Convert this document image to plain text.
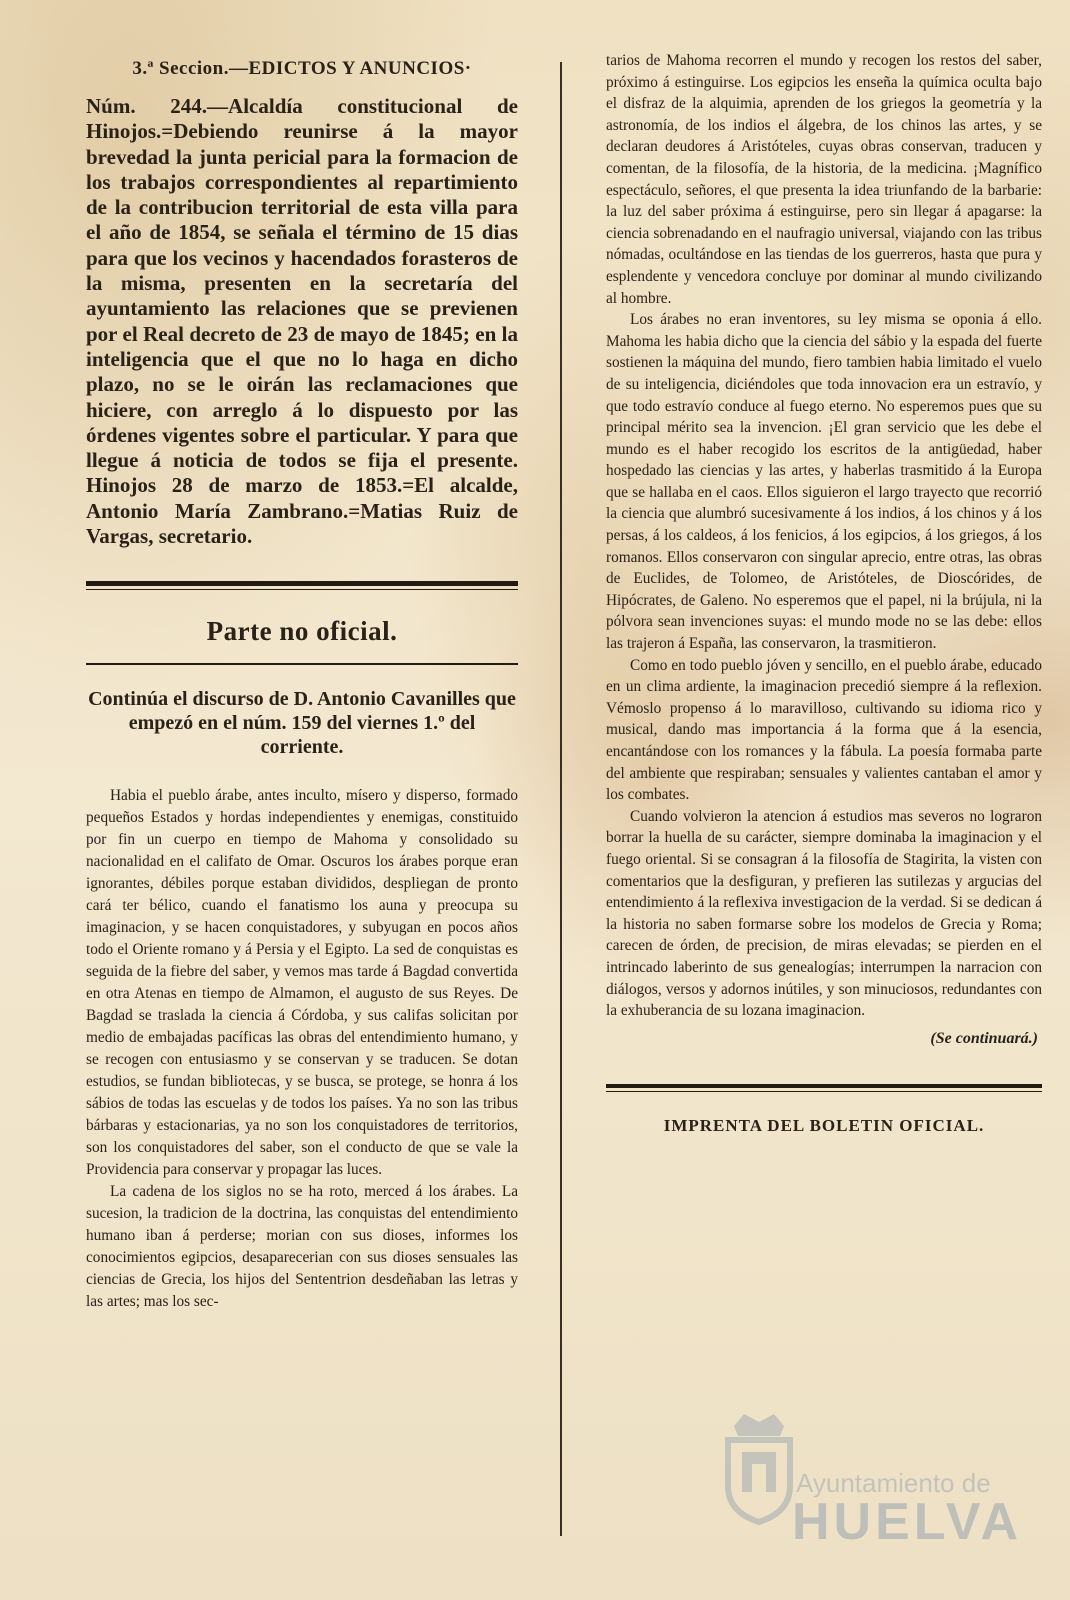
3.ª Seccion.—EDICTOS Y ANUNCIOS·

Núm. 244.—Alcaldía constitucional de Hinojos.=Debiendo reunirse á la mayor brevedad la junta pericial para la formacion de los trabajos correspondientes al repartimiento de la contribucion territorial de esta villa para el año de 1854, se señala el término de 15 dias para que los vecinos y hacendados forasteros de la misma, presenten en la secretaría del ayuntamiento las relaciones que se previenen por el Real decreto de 23 de mayo de 1845; en la inteligencia que el que no lo haga en dicho plazo, no se le oirán las reclamaciones que hiciere, con arreglo á lo dispuesto por las órdenes vigentes sobre el particular. Y para que llegue á noticia de todos se fija el presente. Hinojos 28 de marzo de 1853.=El alcalde, Antonio María Zambrano.=Matias Ruiz de Vargas, secretario.

Parte no oficial.
Continúa el discurso de D. Antonio Cavanilles que empezó en el núm. 159 del viernes 1.º del corriente.

Habia el pueblo árabe, antes inculto, mísero y disperso, formado pequeños Estados y hordas independientes y enemigas, constituido por fin un cuerpo en tiempo de Mahoma y consolidado su nacionalidad en el califato de Omar. Oscuros los árabes porque eran ignorantes, débiles porque estaban divididos, despliegan de pronto cará ter bélico, cuando el fanatismo los auna y preocupa su imaginacion, y se hacen conquistadores, y subyugan en pocos años todo el Oriente romano y á Persia y el Egipto. La sed de conquistas es seguida de la fiebre del saber, y vemos mas tarde á Bagdad convertida en otra Atenas en tiempo de Almamon, el augusto de sus Reyes. De Bagdad se traslada la ciencia á Córdoba, y sus califas solicitan por medio de embajadas pacíficas las obras del entendimiento humano, y se recogen con entusiasmo y se conservan y se traducen. Se dotan estudios, se fundan bibliotecas, y se busca, se protege, se honra á los sábios de todas las escuelas y de todos los países. Ya no son las tribus bárbaras y estacionarias, ya no son los conquistadores de territorios, son los conquistadores del saber, son el conducto de que se vale la Providencia para conservar y propagar las luces.

La cadena de los siglos no se ha roto, merced á los árabes. La sucesion, la tradicion de la doctrina, las conquistas del entendimiento humano iban á perderse; morian con sus dioses, informes los conocimientos egipcios, desaparecerian con sus dioses sensuales las ciencias de Grecia, los hijos del Sententrion desdeñaban las letras y las artes; mas los sec-

tarios de Mahoma recorren el mundo y recogen los restos del saber, próximo á estinguirse. Los egipcios les enseña la química oculta bajo el disfraz de la alquimia, aprenden de los griegos la geometría y la astronomía, de los indios el álgebra, de los chinos las artes, y se declaran deudores á Aristóteles, cuyas obras conservan, traducen y comentan, de la filosofía, de la historia, de la medicina. ¡Magnífico espectáculo, señores, el que presenta la idea triunfando de la barbarie: la luz del saber próxima á estinguirse, pero sin llegar á apagarse: la ciencia sobrenadando en el naufragio universal, viajando con las tribus nómadas, ocultándose en las tiendas de los guerreros, hasta que pura y esplendente y vencedora concluye por dominar al mundo civilizando al hombre.

Los árabes no eran inventores, su ley misma se oponia á ello. Mahoma les habia dicho que la ciencia del sábio y la espada del fuerte sostienen la máquina del mundo, fiero tambien habia limitado el vuelo de su inteligencia, diciéndoles que toda innovacion era un estravío, y que todo estravío conduce al fuego eterno. No esperemos pues que su principal mérito sea la invencion. ¡El gran servicio que les debe el mundo es el haber recogido los escritos de la antigüedad, haber hospedado las ciencias y las artes, y haberlas trasmitido á la Europa que se hallaba en el caos. Ellos siguieron el largo trayecto que recorrió la ciencia que alumbró sucesivamente á los indios, á los chinos y á los persas, á los caldeos, á los fenicios, á los egipcios, á los griegos, á los romanos. Ellos conservaron con singular aprecio, entre otras, las obras de Euclides, de Tolomeo, de Aristóteles, de Dioscórides, de Hipócrates, de Galeno. No esperemos que el papel, ni la brújula, ni la pólvora sean invenciones suyas: el mundo mode no se las debe: ellos las trajeron á España, las conservaron, la trasmitieron.

Como en todo pueblo jóven y sencillo, en el pueblo árabe, educado en un clima ardiente, la imaginacion precedió siempre á la reflexion. Vémoslo propenso á lo maravilloso, cultivando su idioma rico y musical, dando mas importancia á la forma que á la esencia, encantándose con los romances y la fábula. La poesía formaba parte del ambiente que respiraban; sensuales y valientes cantaban el amor y los combates.

Cuando volvieron la atencion á estudios mas severos no lograron borrar la huella de su carácter, siempre dominaba la imaginacion y el fuego oriental. Si se consagran á la filosofía de Stagirita, la visten con comentarios que la desfiguran, y prefieren las sutilezas y argucias del entendimiento á la reflexiva investigacion de la verdad. Si se dedican á la historia no saben formarse sobre los modelos de Grecia y Roma; carecen de órden, de precision, de miras elevadas; se pierden en el intrincado laberinto de sus genealogías; interrumpen la narracion con diálogos, versos y adornos inútiles, y son minuciosos, redundantes con la exhuberancia de su lozana imaginacion.

(Se continuará.)
IMPRENTA DEL BOLETIN OFICIAL.
Ayuntamiento de
HUELVA
